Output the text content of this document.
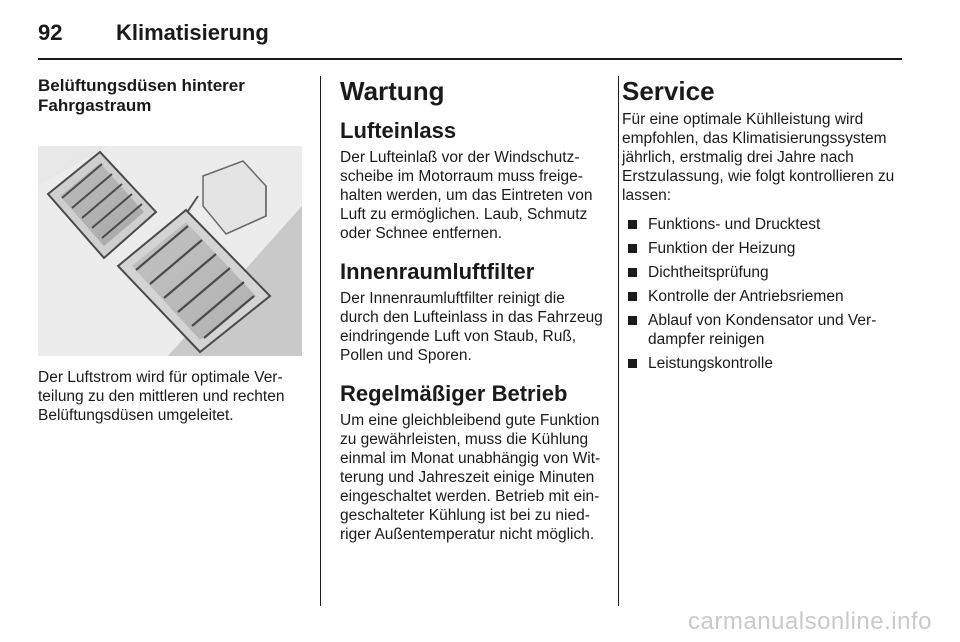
92 Klimatisierung
Belüftungsdüsen hinterer Fahrgastraum

Der Luftstrom wird für optimale Verteilung zu den mittleren und rechten Belüftungsdüsen umgeleitet.

Wartung
Lufteinlass

Der Lufteinlaß vor der Windschutzscheibe im Motorraum muss freigehalten werden, um das Eintreten von Luft zu ermöglichen. Laub, Schmutz oder Schnee entfernen.

Innenraumluftfilter

Der Innenraumluftfilter reinigt die durch den Lufteinlass in das Fahrzeug eindringende Luft von Staub, Ruß, Pollen und Sporen.

Regelmäßiger Betrieb

Um eine gleichbleibend gute Funktion zu gewährleisten, muss die Kühlung einmal im Monat unabhängig von Witterung und Jahreszeit einige Minuten eingeschaltet werden. Betrieb mit eingeschalteter Kühlung ist bei zu niedriger Außentemperatur nicht möglich.

Service

Für eine optimale Kühlleistung wird empfohlen, das Klimatisierungssystem jährlich, erstmalig drei Jahre nach Erstzulassung, wie folgt kontrollieren zu lassen:

Funktions- und Drucktest
Funktion der Heizung
Dichtheitsprüfung
Kontrolle der Antriebsriemen
Ablauf von Kondensator und Verdampfer reinigen
Leistungskontrolle
carmanualsonline.info
